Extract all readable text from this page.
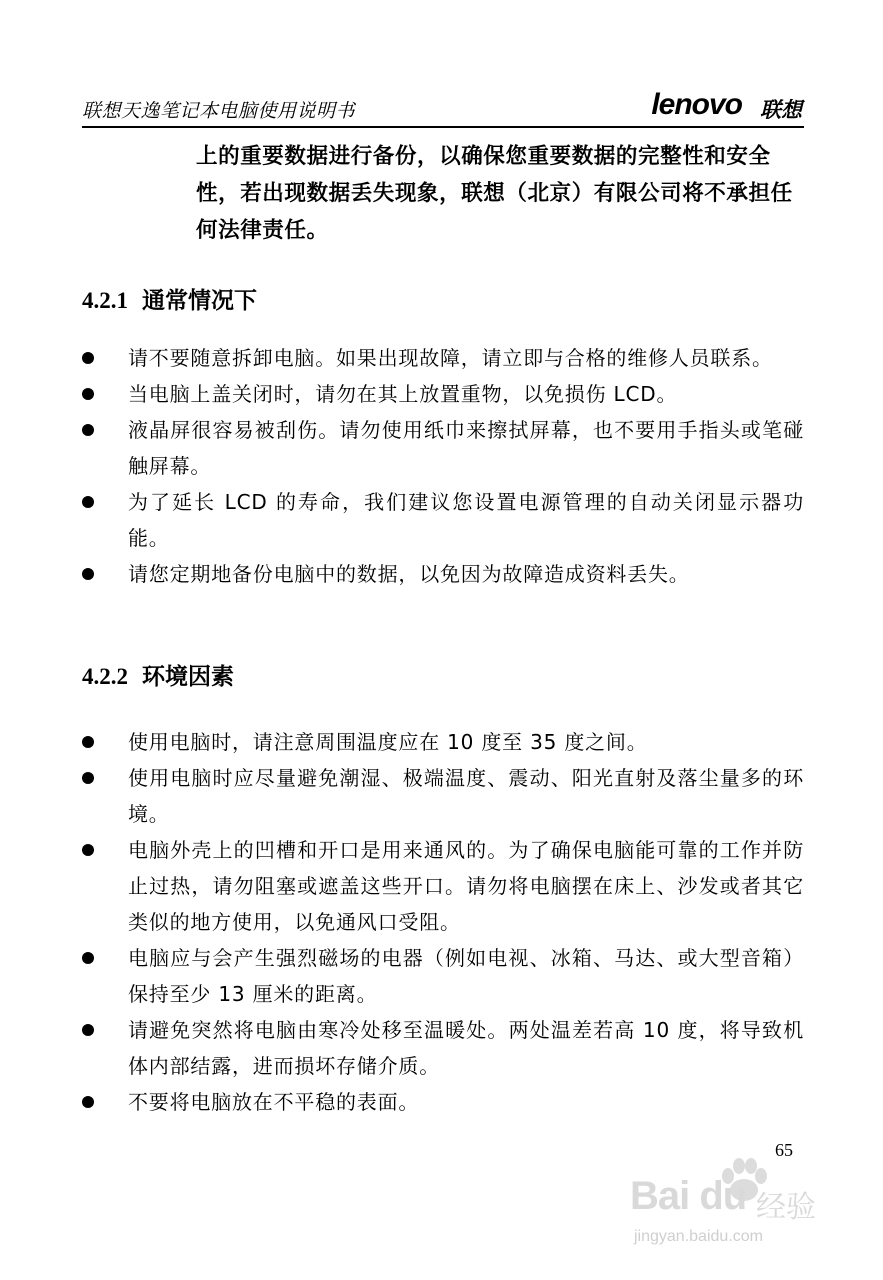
联想天逸笔记本电脑使用说明书	lenovo 联想
上的重要数据进行备份，以确保您重要数据的完整性和安全性，若出现数据丢失现象，联想（北京）有限公司将不承担任何法律责任。
4.2.1 通常情况下
请不要随意拆卸电脑。如果出现故障，请立即与合格的维修人员联系。
当电脑上盖关闭时，请勿在其上放置重物，以免损伤 LCD。
液晶屏很容易被刮伤。请勿使用纸巾来擦拭屏幕，也不要用手指头或笔碰触屏幕。
为了延长 LCD 的寿命，我们建议您设置电源管理的自动关闭显示器功能。
请您定期地备份电脑中的数据，以免因为故障造成资料丢失。
4.2.2 环境因素
使用电脑时，请注意周围温度应在 10 度至 35 度之间。
使用电脑时应尽量避免潮湿、极端温度、震动、阳光直射及落尘量多的环境。
电脑外壳上的凹槽和开口是用来通风的。为了确保电脑能可靠的工作并防止过热，请勿阻塞或遮盖这些开口。请勿将电脑摆在床上、沙发或者其它类似的地方使用，以免通风口受阻。
电脑应与会产生强烈磁场的电器（例如电视、冰箱、马达、或大型音箱）保持至少 13 厘米的距离。
请避免突然将电脑由寒冷处移至温暖处。两处温差若高 10 度，将导致机体内部结露，进而损坏存储介质。
不要将电脑放在不平稳的表面。
65
Bai du 经验
jingyan.baidu.com
